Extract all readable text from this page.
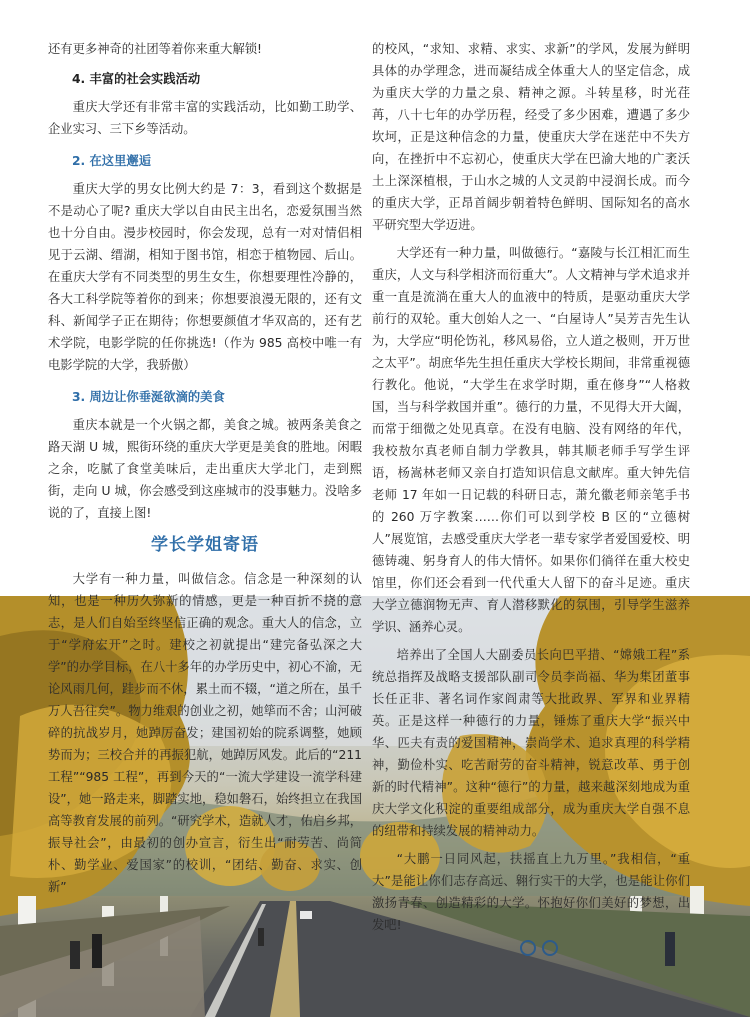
还有更多神奇的社团等着你来重大解锁!

4. 丰富的社会实践活动

重庆大学还有非常丰富的实践活动，比如勤工助学、企业实习、三下乡等活动。

2. 在这里邂逅

重庆大学的男女比例大约是 7：3，看到这个数据是不是动心了呢? 重庆大学以自由民主出名，恋爱氛围当然也十分自由。漫步校园时，你会发现，总有一对对情侣相见于云湖、缙湖，相知于图书馆，相恋于植物园、后山。在重庆大学有不同类型的男生女生，你想要理性冷静的，各大工科学院等着你的到来；你想要浪漫无限的，还有文科、新闻学子正在期待；你想要颜值才华双高的，还有艺术学院，电影学院的任你挑选!（作为 985 高校中唯一有电影学院的大学，我骄傲）

3. 周边让你垂涎欲滴的美食

重庆本就是一个火锅之都，美食之城。被两条美食之路天湖 U 城，熙街环绕的重庆大学更是美食的胜地。闲暇之余，吃腻了食堂美味后，走出重庆大学北门，走到熙街，走向 U 城，你会感受到这座城市的没事魅力。没啥多说的了，直接上图!

学长学姐寄语

大学有一种力量，叫做信念。信念是一种深刻的认知，也是一种历久弥新的情感，更是一种百折不挠的意志，是人们自始至终坚信正确的观念。重大人的信念，立于“学府宏开”之时。建校之初就提出“建完备弘深之大学”的办学目标，在八十多年的办学历史中，初心不渝，无论风雨几何，跬步而不休，累土而不辍，“道之所在，虽千万人吾往矣”。物力维艰的创业之初，她筚而不舍；山河破碎的抗战岁月，她踔厉奋发；建国初始的院系调整，她顾势而为；三校合并的再振犯航，她踔厉风发。此后的“211 工程”“985 工程”，再到今天的“一流大学建设一流学科建设”，她一路走来，脚踏实地，稳如磐石，始终担立在我国高等教育发展的前列。“研究学术，造就人才，佑启乡邦，振导社会”，由最初的创办宣言，衍生出“耐劳苦、尚简朴、勤学业、爱国家”的校训，“团结、勤奋、求实、创新”

的校风，“求知、求精、求实、求新”的学风，发展为鲜明具体的办学理念，进而凝结成全体重大人的坚定信念，成为重庆大学的力量之泉、精神之源。斗转星移，时光荏苒，八十七年的办学历程，经受了多少困难，遭遇了多少坎坷，正是这种信念的力量，使重庆大学在迷茫中不失方向，在挫折中不忘初心，使重庆大学在巴渝大地的广袤沃土上深深植根，于山水之城的人文灵韵中浸润长成。而今的重庆大学，正昂首阔步朝着特色鲜明、国际知名的高水平研究型大学迈进。

大学还有一种力量，叫做德行。“嘉陵与长江相汇而生重庆，人文与科学相济而衍重大”。人文精神与学术追求并重一直是流淌在重大人的血液中的特质，是驱动重庆大学前行的双轮。重大创始人之一、“白屋诗人”吴芳吉先生认为，大学应“明伦饬礼，移风易俗，立人道之极则，开万世之太平”。胡庶华先生担任重庆大学校长期间，非常重视德行教化。他说，“大学生在求学时期，重在修身”“人格救国，当与科学救国并重”。德行的力量，不见得大开大阖，而常于细微之处见真章。在没有电脑、没有网络的年代，我校敖尔真老师自制力学教具，韩其顺老师手写学生评语，杨嵩林老师又亲自打造知识信息文献库。重大钟先信老师 17 年如一日记载的科研日志，萧允徽老师亲笔手书的 260 万字教案……你们可以到学校 B 区的“立德树人”展览馆，去感受重庆大学老一辈专家学者爱国爱校、明德铸魂、躬身育人的伟大情怀。如果你们徜徉在重大校史馆里，你们还会看到一代代重大人留下的奋斗足迹。重庆大学立德润物无声、育人潜移默化的氛围，引导学生滋养学识、涵养心灵。

培养出了全国人大副委员长向巴平措、“嫦娥工程”系统总指挥及战略支援部队副司令员李尚福、华为集团董事长任正非、著名词作家阎肃等大批政界、军界和业界精英。正是这样一种德行的力量，锤炼了重庆大学“振兴中华、匹夫有责的爱国精神，崇尚学术、追求真理的科学精神，勤俭朴实、吃苦耐劳的奋斗精神，锐意改革、勇于创新的时代精神”。这种“德行”的力量，越来越深刻地成为重庆大学文化积淀的重要组成部分，成为重庆大学自强不息的纽带和持续发展的精神动力。

“大鹏一日同风起，扶摇直上九万里。”我相信，“重大”是能让你们志存高远、翱行实干的大学，也是能让你们激扬青春、创造精彩的大学。怀抱好你们美好的梦想，出发吧!
